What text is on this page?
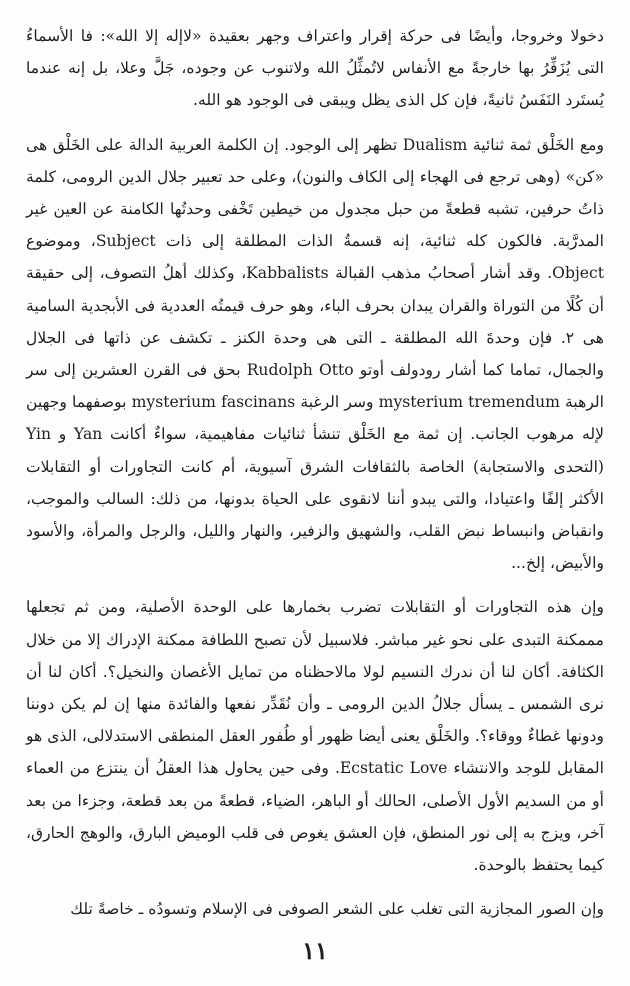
دخولا وخروجا، وأيضًا فى حركة إقرار واعتراف وجهر بعقيدة «لاإله إلا الله»: فا الأسماءُ التى يُزَفِّرُ بها خارجةً مع الأنفاس لاتُمثِّلُ الله ولاتنوب عن وجوده، جَلَّ وعلا، بل إنه عندما يُستَرد النَفَسُ ثانيةً، فإن كل الذى يظل ويبقى فى الوجود هو الله.

ومع الخَلْق ثمة ثنائية Dualism تظهر إلى الوجود. إن الكلمة العربية الدالة على الخَلْق هى «كن» (وهى ترجع فى الهجاء إلى الكاف والنون)، وعلى حد تعبير جلال الدين الرومى، كلمة ذاتُ حرفين، تشبه قطعةً من حبل مجدول من خيطين تَخْفى وحدتُها الكامنة عن العين غير المدرَّبة. فالكون كله ثنائية، إنه قسمةُ الذات المطلقة إلى ذات Subject، وموضوع Object. وقد أشار أصحابُ مذهب القبالة Kabbalists، وكذلك أهلُ التصوف، إلى حقيقة أن كُلًا من التوراة والقران يبدان بحرف الباء، وهو حرف قيمتُه العددية فى الأبجدية السامية هى ٢. فإن وحدةَ الله المطلقة ـ التى هى وحدة الكنز ـ تكشف عن ذاتها فى الجلال والجمال، تماما كما أشار رودولف أوتو Rudolph Otto بحق فى القرن العشرين إلى سر الرهبة mysterium tremendum وسر الرغبة mysterium fascinans بوصفهما وجهين لإله مرهوب الجانب. إن ثمة مع الخَلْق تنشأ ثنائيات مفاهيمية، سواءٌ أكانت Yan و Yin (التحدى والاستجابة) الخاصة بالثقافات الشرق آسيوية، أم كانت التجاورات أو التقابلات الأكثر إلفًا واعتيادا، والتى يبدو أننا لانقوى على الحياة بدونها، من ذلك: السالب والموجب، وانقباض وانبساط نبض القلب، والشهيق والزفير، والنهار والليل، والرجل والمرأة، والأسود والأبيض، إلخ...

وإن هذه التجاورات أو التقابلات تضرب بخمارها على الوحدة الأصلية، ومن ثم تجعلها مممكنة التبدى على نحو غير مباشر. فلاسبيل لأن تصبح اللطافة ممكنة الإدراك إلا من خلال الكثافة. أكان لنا أن ندرك النسيم لولا مالاحظناه من تمايل الأغصان والنخيل؟. أكان لنا أن نرى الشمس ـ يسأل جلالُ الدين الرومى ـ وأن نُقَدِّر نفعها والفائدة منها إن لم يكن دوننا ودونها غطاءٌ ووقاء؟. والخَلْق يعنى أيضا ظهور أو طُفور العقل المنطقى الاستدلالى، الذى هو المقابل للوجد والانتشاء Ecstatic Love. وفى حين يحاول هذا العقلُ أن ينتزع من العماء أو من السديم الأول الأصلى، الحالك أو الباهر، الضياء، قطعةً من بعد قطعة، وجزءا من بعد آخر، ويزج به إلى نور المنطق، فإن العشق يغوص فى قلب الوميض البارق، والوهج الحارق، كيما يحتفظ بالوحدة.

وإن الصور المجازية التى تغلب على الشعر الصوفى فى الإسلام وتسودُه ـ خاصةً تلك

١١
